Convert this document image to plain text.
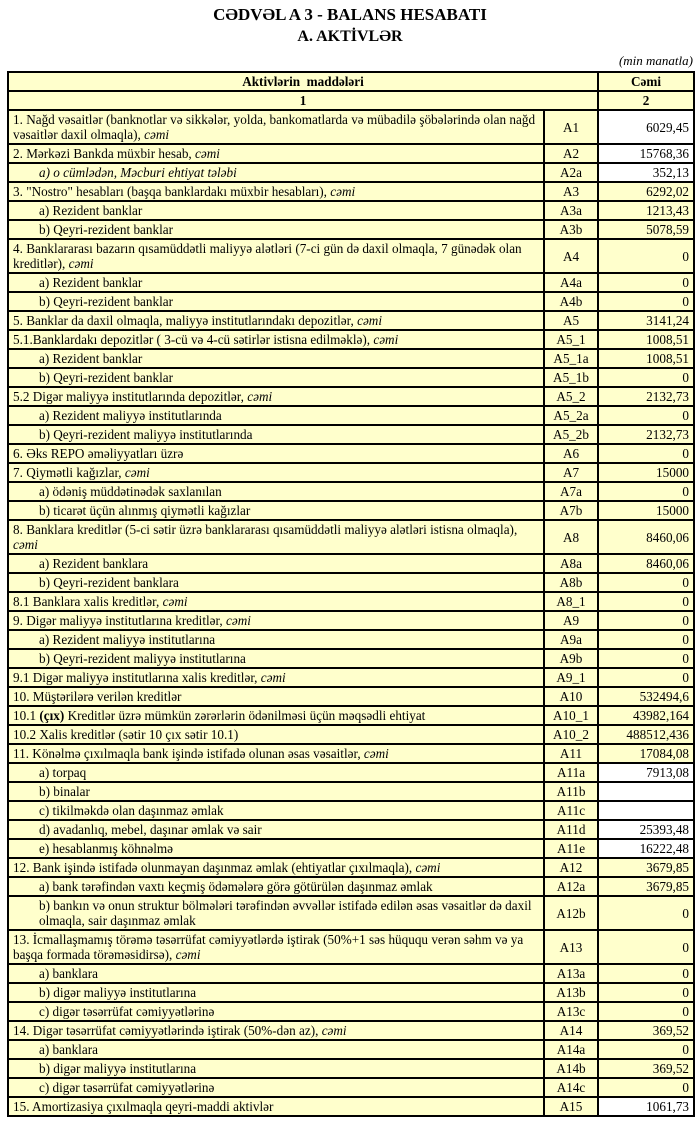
CƏDVƏL A 3 - BALANS HESABATI
A. AKTİVLƏR
(min manatla)
Aktivlərin  maddələri		Cəmi
1		2
1. Nağd vəsaitlər (banknotlar və sikkələr, yolda, bankomatlarda və mübadilə şöbələrində olan nağd vəsaitlər daxil olmaqla), cəmi	A1	6029,45
2. Mərkəzi Bankda müxbir hesab, cəmi	A2	15768,36
a) o cümlədən, Məcburi ehtiyat tələbi	A2a	352,13
3. "Nostro" hesabları (başqa banklardakı müxbir hesabları), cəmi	A3	6292,02
a) Rezident banklar	A3a	1213,43
b) Qeyri-rezident banklar	A3b	5078,59
4. Banklararası bazarın qısamüddətli maliyyə alətləri (7-ci gün də daxil olmaqla, 7 günədək olan kreditlər), cəmi	A4	0
a) Rezident banklar	A4a	0
b) Qeyri-rezident banklar	A4b	0
5. Banklar da daxil olmaqla, maliyyə institutlarındakı depozitlər, cəmi	A5	3141,24
5.1.Banklardakı depozitlər ( 3-cü və 4-cü sətirlər istisna edilməklə), cəmi	A5_1	1008,51
a) Rezident banklar	A5_1a	1008,51
b) Qeyri-rezident banklar	A5_1b	0
5.2 Digər maliyyə institutlarında depozitlər, cəmi	A5_2	2132,73
a) Rezident maliyyə institutlarında	A5_2a	0
b) Qeyri-rezident maliyyə institutlarında	A5_2b	2132,73
6. Əks REPO əməliyyatları üzrə	A6	0
7. Qiymətli kağızlar, cəmi	A7	15000
a) ödəniş müddətinədək saxlanılan	A7a	0
b) ticarət üçün alınmış qiymətli kağızlar	A7b	15000
8. Banklara kreditlər (5-ci sətir üzrə banklararası qısamüddətli maliyyə alətləri istisna olmaqla), cəmi	A8	8460,06
a) Rezident banklara	A8a	8460,06
b) Qeyri-rezident banklara	A8b	0
8.1 Banklara xalis kreditlər, cəmi	A8_1	0
9. Digər maliyyə institutlarına kreditlər, cəmi	A9	0
a) Rezident maliyyə institutlarına	A9a	0
b) Qeyri-rezident maliyyə institutlarına	A9b	0
9.1 Digər maliyyə institutlarına xalis kreditlər, cəmi	A9_1	0
10. Müştərilərə verilən kreditlər	A10	532494,6
10.1 (çıx) Kreditlər üzrə mümkün zərərlərin ödənilməsi üçün məqsədli ehtiyat	A10_1	43982,164
10.2 Xalis kreditlər (sətir 10 çıx sətir 10.1)	A10_2	488512,436
11. Könəlmə çıxılmaqla bank işində istifadə olunan əsas vəsaitlər, cəmi	A11	17084,08
a) torpaq	A11a	7913,08
b) binalar	A11b	
c) tikilməkdə olan daşınmaz əmlak	A11c	
d) avadanlıq, mebel, daşınar əmlak və sair	A11d	25393,48
e) hesablanmış köhnəlmə	A11e	16222,48
12. Bank işində istifadə olunmayan daşınmaz əmlak (ehtiyatlar çıxılmaqla), cəmi	A12	3679,85
a) bank tərəfindən vaxtı keçmiş ödəmələrə görə götürülən daşınmaz əmlak	A12a	3679,85
b) bankın və onun struktur bölmələri tərəfindən əvvəllər istifadə edilən əsas vəsaitlər də daxil olmaqla, sair daşınmaz əmlak	A12b	0
13. İcmallaşmamış törəmə təsərrüfat cəmiyyətlərdə iştirak (50%+1 səs hüququ verən səhm və ya başqa formada törəməsidirsə), cəmi	A13	0
a) banklara	A13a	0
b) digər maliyyə institutlarına	A13b	0
c) digər təsərrüfat cəmiyyətlərinə	A13c	0
14. Digər təsərrüfat cəmiyyətlərində iştirak (50%-dən az), cəmi	A14	369,52
a) banklara	A14a	0
b) digər maliyyə institutlarına	A14b	369,52
c) digər təsərrüfat cəmiyyətlərinə	A14c	0
15. Amortizasiya çıxılmaqla qeyri-maddi aktivlər	A15	1061,73
